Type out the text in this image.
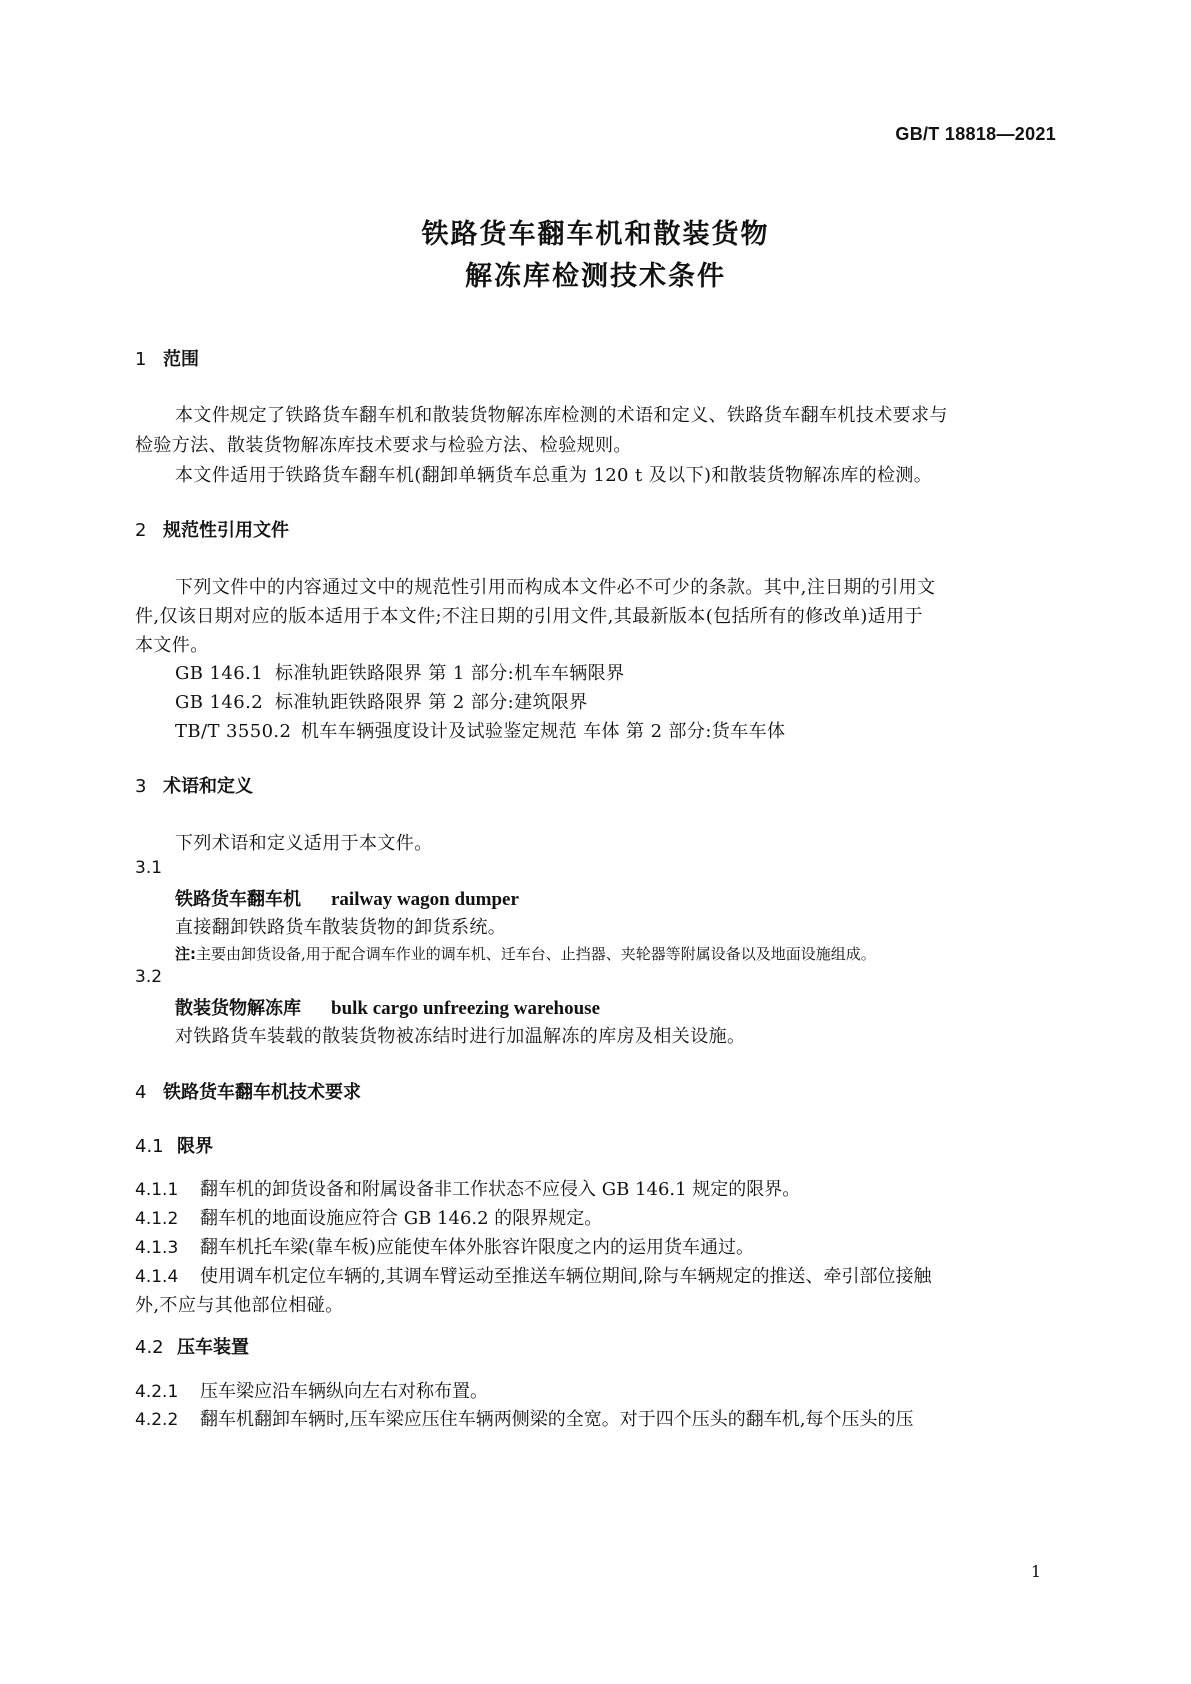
GB/T 18818—2021
铁路货车翻车机和散装货物
解冻库检测技术条件
1 范围
本文件规定了铁路货车翻车机和散装货物解冻库检测的术语和定义、铁路货车翻车机技术要求与
检验方法、散装货物解冻库技术要求与检验方法、检验规则。
本文件适用于铁路货车翻车机(翻卸单辆货车总重为 120 t 及以下)和散装货物解冻库的检测。
2 规范性引用文件
下列文件中的内容通过文中的规范性引用而构成本文件必不可少的条款。其中,注日期的引用文
件,仅该日期对应的版本适用于本文件;不注日期的引用文件,其最新版本(包括所有的修改单)适用于
本文件。
GB 146.1 标准轨距铁路限界 第 1 部分:机车车辆限界
GB 146.2 标准轨距铁路限界 第 2 部分:建筑限界
TB/T 3550.2 机车车辆强度设计及试验鉴定规范 车体 第 2 部分:货车车体
3 术语和定义
下列术语和定义适用于本文件。
3.1
铁路货车翻车机 railway wagon dumper
直接翻卸铁路货车散装货物的卸货系统。
注:主要由卸货设备,用于配合调车作业的调车机、迁车台、止挡器、夹轮器等附属设备以及地面设施组成。
3.2
散装货物解冻库 bulk cargo unfreezing warehouse
对铁路货车装载的散装货物被冻结时进行加温解冻的库房及相关设施。
4 铁路货车翻车机技术要求
4.1 限界
4.1.1 翻车机的卸货设备和附属设备非工作状态不应侵入 GB 146.1 规定的限界。
4.1.2 翻车机的地面设施应符合 GB 146.2 的限界规定。
4.1.3 翻车机托车梁(靠车板)应能使车体外胀容许限度之内的运用货车通过。
4.1.4 使用调车机定位车辆的,其调车臂运动至推送车辆位期间,除与车辆规定的推送、牵引部位接触
外,不应与其他部位相碰。
4.2 压车装置
4.2.1 压车梁应沿车辆纵向左右对称布置。
4.2.2 翻车机翻卸车辆时,压车梁应压住车辆两侧梁的全宽。对于四个压头的翻车机,每个压头的压
1
